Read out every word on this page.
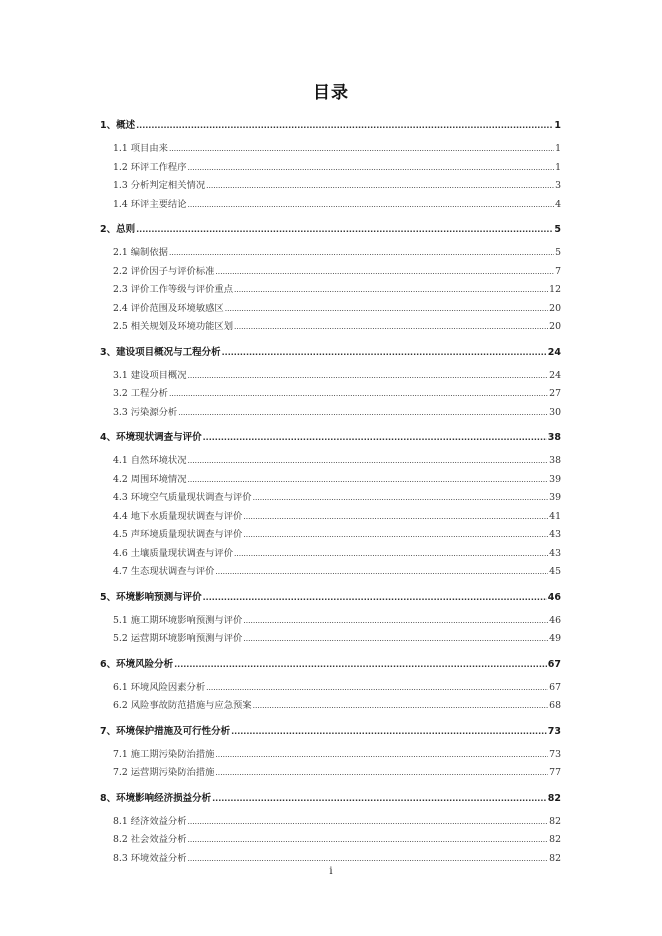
目录
1、概述 .....	1
1.1 项目由来 .....	1
1.2 环评工作程序 .....	1
1.3 分析判定相关情况 .....	3
1.4 环评主要结论 .....	4
2、总则 .....	5
2.1 编制依据 .....	5
2.2 评价因子与评价标准 .....	7
2.3 评价工作等级与评价重点 .....	12
2.4 评价范围及环境敏感区 .....	20
2.5 相关规划及环境功能区划 .....	20
3、建设项目概况与工程分析 .....	24
3.1 建设项目概况 .....	24
3.2 工程分析 .....	27
3.3 污染源分析 .....	30
4、环境现状调查与评价 .....	38
4.1 自然环境状况 .....	38
4.2 周围环境情况 .....	39
4.3 环境空气质量现状调查与评价 .....	39
4.4 地下水质量现状调查与评价 .....	41
4.5 声环境质量现状调查与评价 .....	43
4.6 土壤质量现状调查与评价 .....	43
4.7 生态现状调查与评价 .....	45
5、环境影响预测与评价 .....	46
5.1 施工期环境影响预测与评价 .....	46
5.2 运营期环境影响预测与评价 .....	49
6、环境风险分析 .....	67
6.1 环境风险因素分析 .....	67
6.2 风险事故防范措施与应急预案 .....	68
7、环境保护措施及可行性分析 .....	73
7.1 施工期污染防治措施 .....	73
7.2 运营期污染防治措施 .....	77
8、环境影响经济损益分析 .....	82
8.1 经济效益分析 .....	82
8.2 社会效益分析 .....	82
8.3 环境效益分析 .....	82
i
